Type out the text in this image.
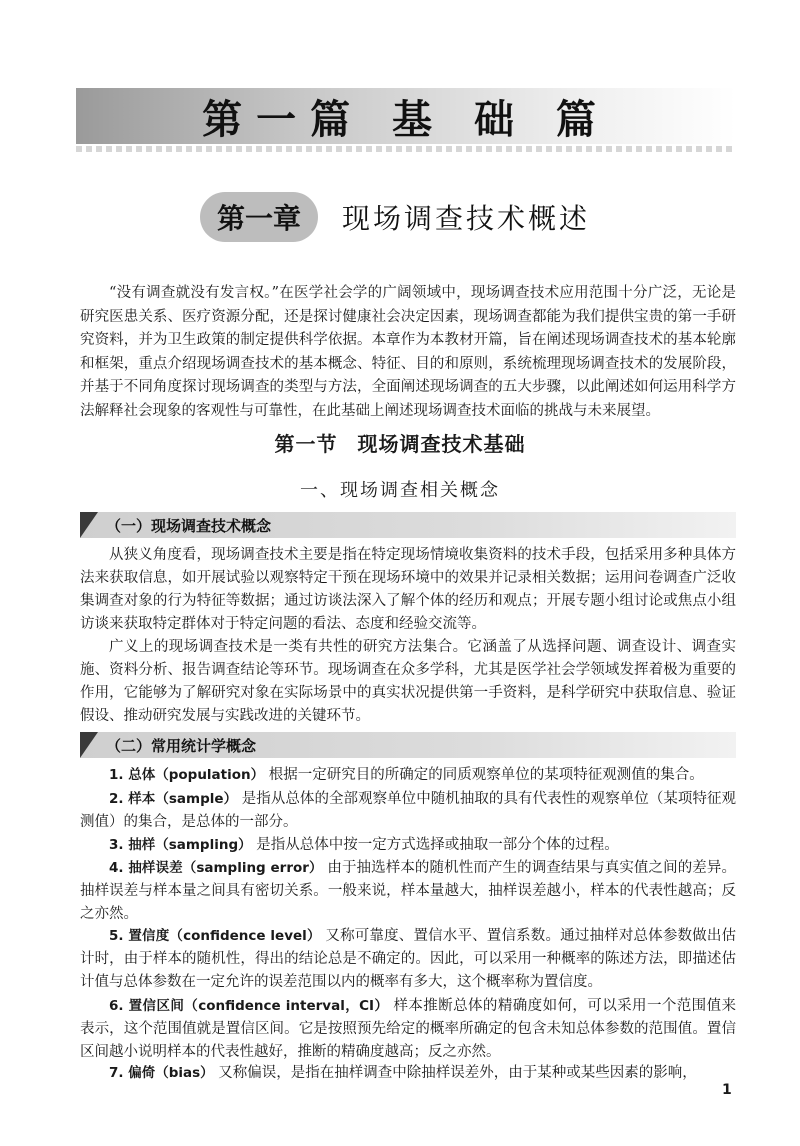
第一篇 基 础 篇
第一章	现场调查技术概述

“没有调查就没有发言权。”在医学社会学的广阔领域中，现场调查技术应用范围十分广泛，无论是研究医患关系、医疗资源分配，还是探讨健康社会决定因素，现场调查都能为我们提供宝贵的第一手研究资料，并为卫生政策的制定提供科学依据。本章作为本教材开篇，旨在阐述现场调查技术的基本轮廓和框架，重点介绍现场调查技术的基本概念、特征、目的和原则，系统梳理现场调查技术的发展阶段，并基于不同角度探讨现场调查的类型与方法，全面阐述现场调查的五大步骤，以此阐述如何运用科学方法解释社会现象的客观性与可靠性，在此基础上阐述现场调查技术面临的挑战与未来展望。

第一节 现场调查技术基础
一、现场调查相关概念
（一）现场调查技术概念

从狭义角度看，现场调查技术主要是指在特定现场情境收集资料的技术手段，包括采用多种具体方法来获取信息，如开展试验以观察特定干预在现场环境中的效果并记录相关数据；运用问卷调查广泛收集调查对象的行为特征等数据；通过访谈法深入了解个体的经历和观点；开展专题小组讨论或焦点小组访谈来获取特定群体对于特定问题的看法、态度和经验交流等。

广义上的现场调查技术是一类有共性的研究方法集合。它涵盖了从选择问题、调查设计、调查实施、资料分析、报告调查结论等环节。现场调查在众多学科，尤其是医学社会学领域发挥着极为重要的作用，它能够为了解研究对象在实际场景中的真实状况提供第一手资料，是科学研究中获取信息、验证假设、推动研究发展与实践改进的关键环节。

（二）常用统计学概念

1. 总体（population） 根据一定研究目的所确定的同质观察单位的某项特征观测值的集合。

2. 样本（sample） 是指从总体的全部观察单位中随机抽取的具有代表性的观察单位（某项特征观测值）的集合，是总体的一部分。

3. 抽样（sampling） 是指从总体中按一定方式选择或抽取一部分个体的过程。

4. 抽样误差（sampling error） 由于抽选样本的随机性而产生的调查结果与真实值之间的差异。抽样误差与样本量之间具有密切关系。一般来说，样本量越大，抽样误差越小，样本的代表性越高；反之亦然。

5. 置信度（confidence level） 又称可靠度、置信水平、置信系数。通过抽样对总体参数做出估计时，由于样本的随机性，得出的结论总是不确定的。因此，可以采用一种概率的陈述方法，即描述估计值与总体参数在一定允许的误差范围以内的概率有多大，这个概率称为置信度。

6. 置信区间（confidence interval，CI） 样本推断总体的精确度如何，可以采用一个范围值来表示，这个范围值就是置信区间。它是按照预先给定的概率所确定的包含未知总体参数的范围值。置信区间越小说明样本的代表性越好，推断的精确度越高；反之亦然。

7. 偏倚（bias） 又称偏误，是指在抽样调查中除抽样误差外，由于某种或某些因素的影响，

1
